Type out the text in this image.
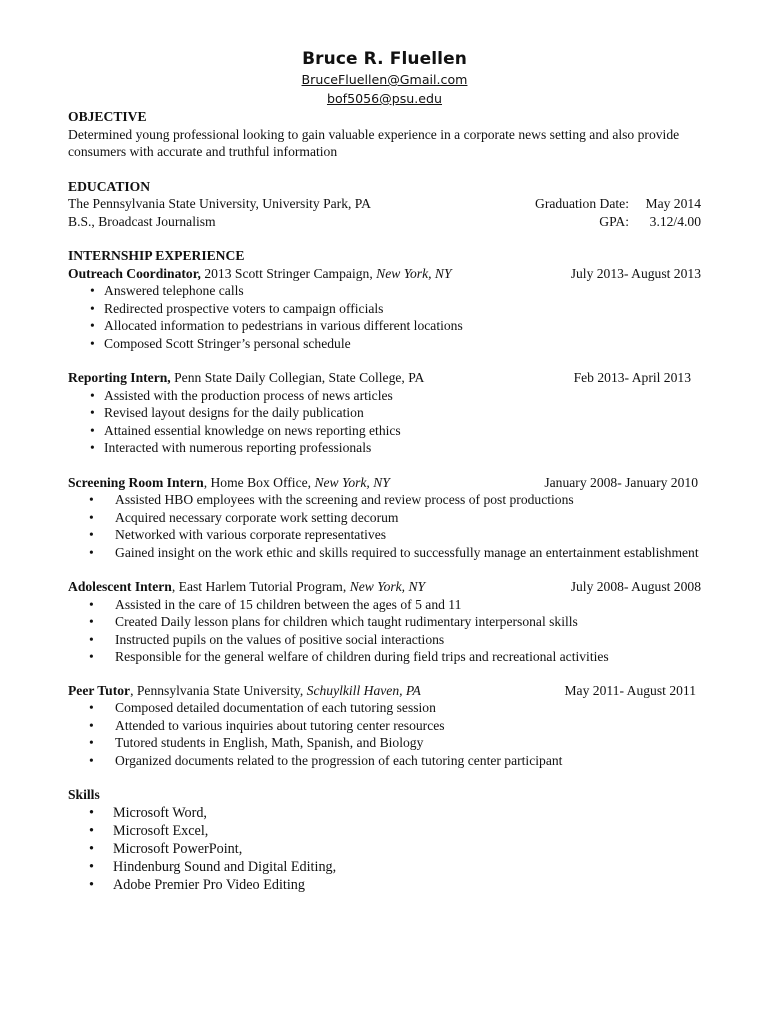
Bruce R. Fluellen
BruceFluellen@Gmail.com
bof5056@psu.edu
OBJECTIVE
Determined young professional looking to gain valuable experience in a corporate news setting and also provide consumers with accurate and truthful information
EDUCATION
The Pennsylvania State University, University Park, PA	Graduation Date:	May 2014
B.S., Broadcast Journalism	GPA:	3.12/4.00
INTERNSHIP EXPERIENCE
Outreach Coordinator, 2013 Scott Stringer Campaign, New York, NY	July 2013- August 2013
• Answered telephone calls
• Redirected prospective voters to campaign officials
• Allocated information to pedestrians in various different locations
• Composed Scott Stringer’s personal schedule
Reporting Intern, Penn State Daily Collegian, State College, PA	Feb 2013- April 2013
• Assisted with the production process of news articles
• Revised layout designs for the daily publication
• Attained essential knowledge on news reporting ethics
• Interacted with numerous reporting professionals
Screening Room Intern, Home Box Office, New York, NY	January 2008- January 2010
• Assisted HBO employees with the screening and review process of post productions
• Acquired necessary corporate work setting decorum
• Networked with various corporate representatives
• Gained insight on the work ethic and skills required to successfully manage an entertainment establishment
Adolescent Intern, East Harlem Tutorial Program, New York, NY	July 2008- August 2008
• Assisted in the care of 15 children between the ages of 5 and 11
• Created Daily lesson plans for children which taught rudimentary interpersonal skills
• Instructed pupils on the values of positive social interactions
• Responsible for the general welfare of children during field trips and recreational activities
Peer Tutor, Pennsylvania State University, Schuylkill Haven, PA	May 2011- August 2011
• Composed detailed documentation of each tutoring session
• Attended to various inquiries about tutoring center resources
• Tutored students in English, Math, Spanish, and Biology
• Organized documents related to the progression of each tutoring center participant
Skills
• Microsoft Word,
• Microsoft Excel,
• Microsoft PowerPoint,
• Hindenburg Sound and Digital Editing,
• Adobe Premier Pro Video Editing
